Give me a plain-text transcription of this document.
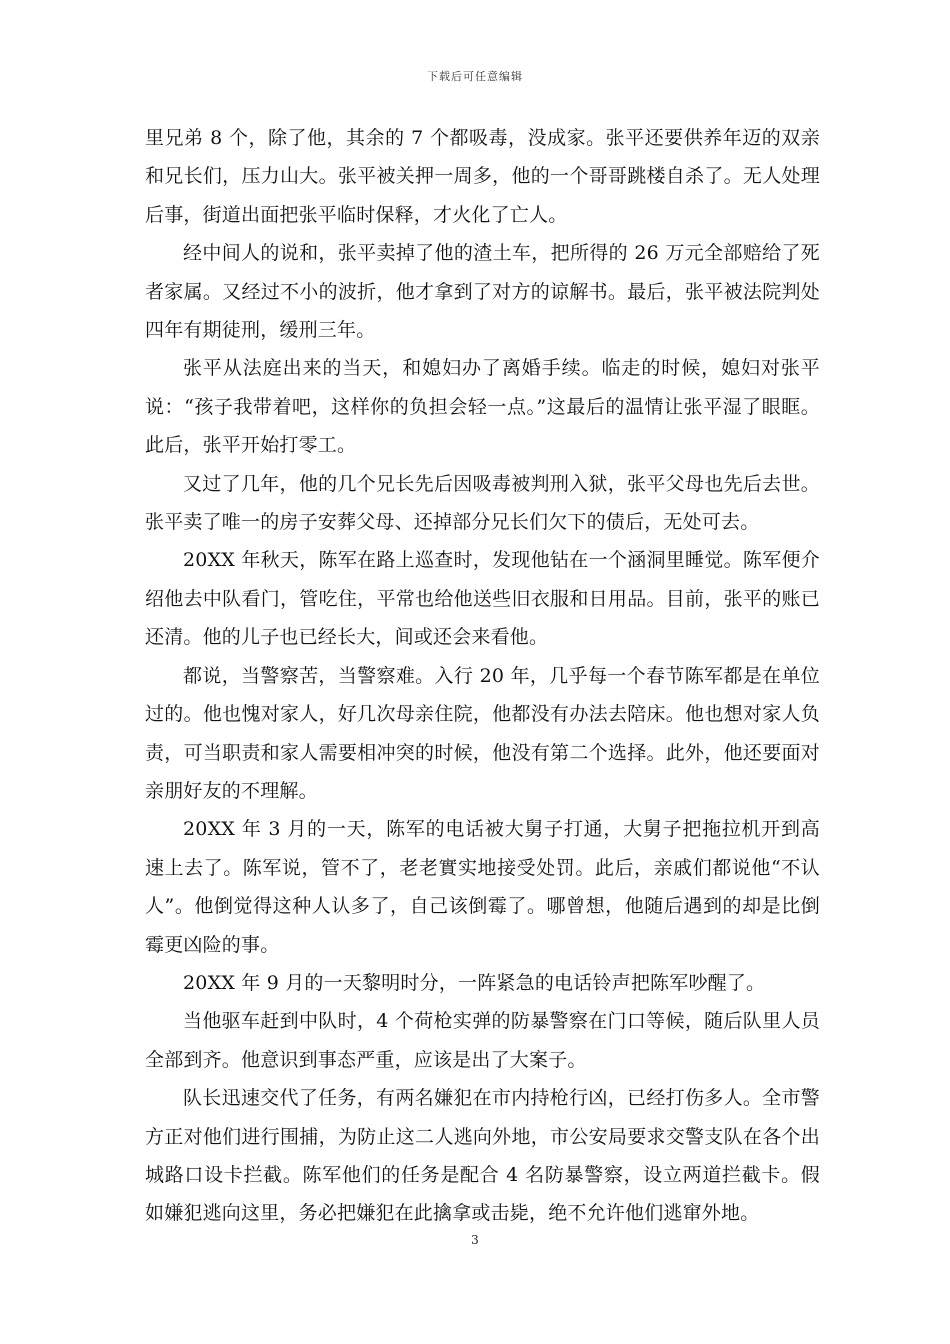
下载后可任意编辑

里兄弟 8 个，除了他，其余的 7 个都吸毒，没成家。张平还要供养年迈的双亲和兄长们，压力山大。张平被关押一周多，他的一个哥哥跳楼自杀了。无人处理后事，街道出面把张平临时保释，才火化了亡人。

经中间人的说和，张平卖掉了他的渣土车，把所得的 26 万元全部赔给了死者家属。又经过不小的波折，他才拿到了对方的谅解书。最后，张平被法院判处四年有期徒刑，缓刑三年。

张平从法庭出来的当天，和媳妇办了离婚手续。临走的时候，媳妇对张平说：“孩子我带着吧，这样你的负担会轻一点。”这最后的温情让张平湿了眼眶。此后，张平开始打零工。

又过了几年，他的几个兄长先后因吸毒被判刑入狱，张平父母也先后去世。张平卖了唯一的房子安葬父母、还掉部分兄长们欠下的债后，无处可去。

20XX 年秋天，陈军在路上巡查时，发现他钻在一个涵洞里睡觉。陈军便介绍他去中队看门，管吃住，平常也给他送些旧衣服和日用品。目前，张平的账已还清。他的儿子也已经长大，间或还会来看他。

都说，当警察苦，当警察难。入行 20 年，几乎每一个春节陈军都是在单位过的。他也愧对家人，好几次母亲住院，他都没有办法去陪床。他也想对家人负责，可当职责和家人需要相冲突的时候，他没有第二个选择。此外，他还要面对亲朋好友的不理解。

20XX 年 3 月的一天，陈军的电话被大舅子打通，大舅子把拖拉机开到高速上去了。陈军说，管不了，老老實实地接受处罚。此后，亲戚们都说他“不认人”。他倒觉得这种人认多了，自己该倒霉了。哪曾想，他随后遇到的却是比倒霉更凶险的事。

20XX 年 9 月的一天黎明时分，一阵紧急的电话铃声把陈军吵醒了。

当他驱车赶到中队时，4 个荷枪实弹的防暴警察在门口等候，随后队里人员全部到齐。他意识到事态严重，应该是出了大案子。

队长迅速交代了任务，有两名嫌犯在市内持枪行凶，已经打伤多人。全市警方正对他们进行围捕，为防止这二人逃向外地，市公安局要求交警支队在各个出城路口设卡拦截。陈军他们的任务是配合 4 名防暴警察，设立两道拦截卡。假如嫌犯逃向这里，务必把嫌犯在此擒拿或击毙，绝不允许他们逃窜外地。

3
